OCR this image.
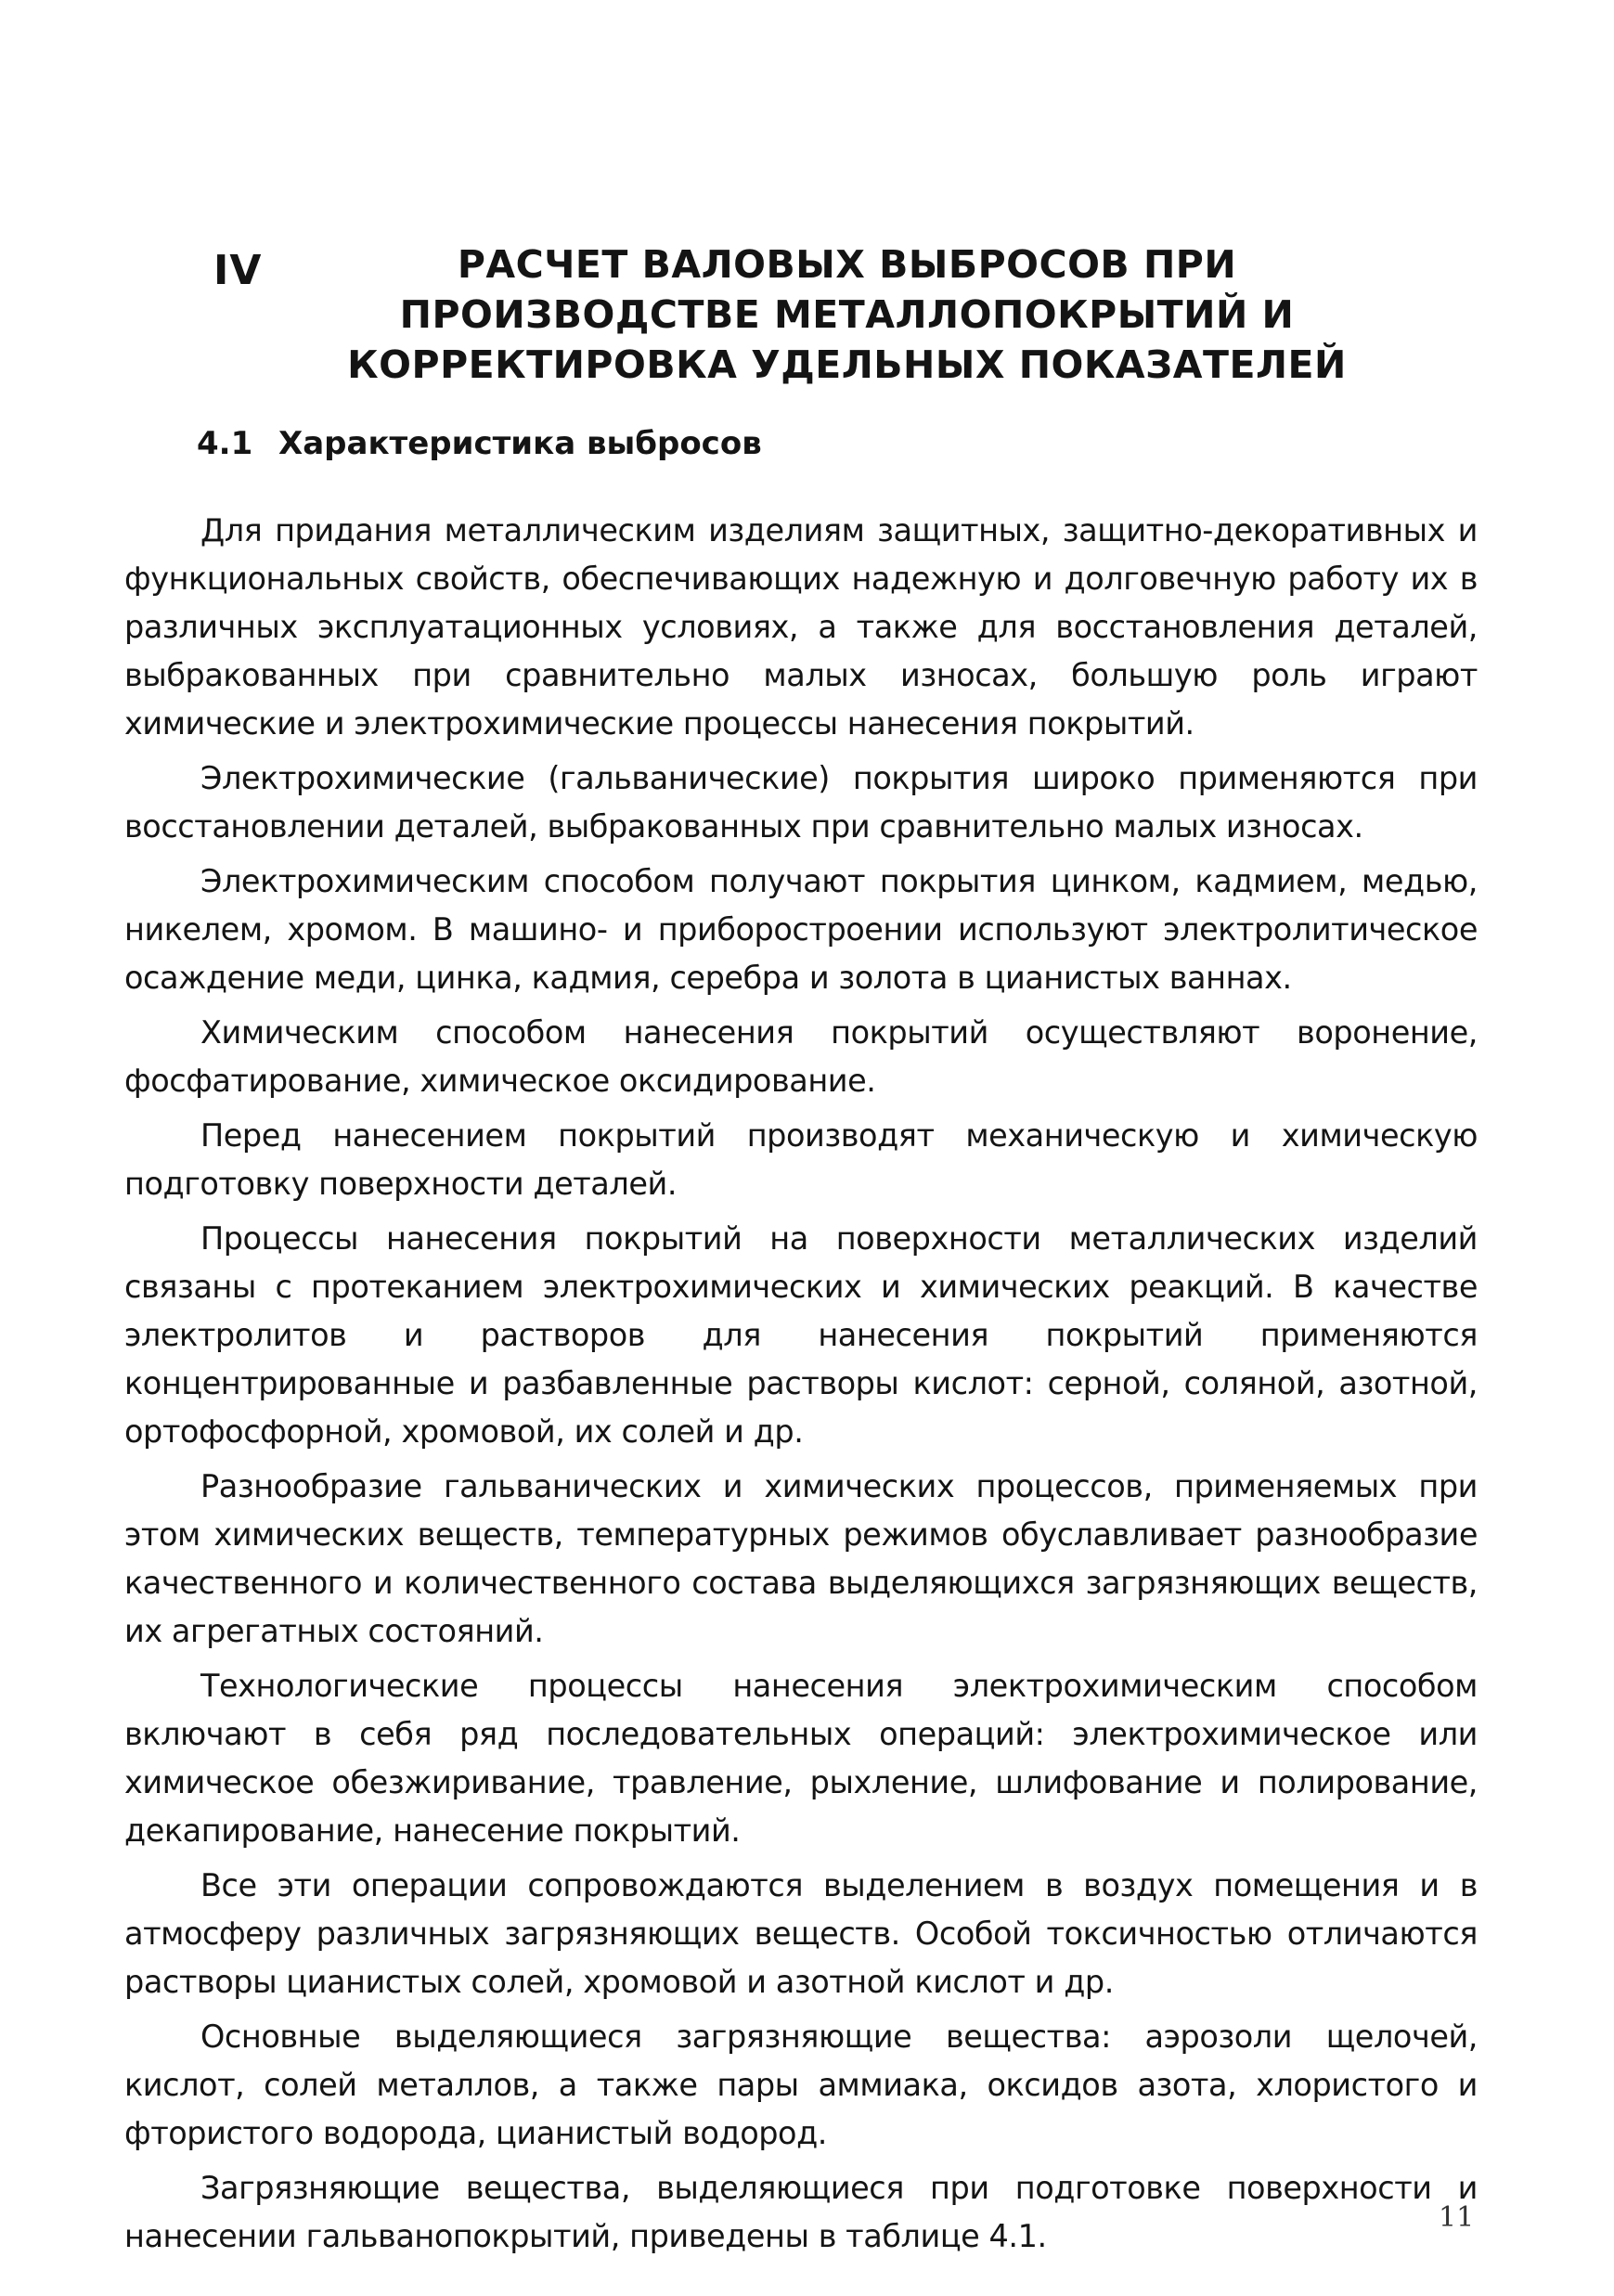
IV	РАСЧЕТ ВАЛОВЫХ ВЫБРОСОВ ПРИ ПРОИЗВОДСТВЕ МЕТАЛЛОПОКРЫТИЙ И КОРРЕКТИРОВКА УДЕЛЬНЫХ ПОКАЗАТЕЛЕЙ
4.1 Характеристика выбросов

Для придания металлическим изделиям защитных, защитно-декоративных и функциональных свойств, обеспечивающих надежную и долговечную работу их в различных эксплуатационных условиях, а также для восстановления деталей, выбракованных при сравнительно малых износах, большую роль играют химические и электрохимические процессы нанесения покрытий.

Электрохимические (гальванические) покрытия широко применяются при восстановлении деталей, выбракованных при сравнительно малых износах.

Электрохимическим способом получают покрытия цинком, кадмием, медью, никелем, хромом. В машино- и приборостроении используют электролитическое осаждение меди, цинка, кадмия, серебра и золота в цианистых ваннах.

Химическим способом нанесения покрытий осуществляют воронение, фосфатирование, химическое оксидирование.

Перед нанесением покрытий производят механическую и химическую подготовку поверхности деталей.

Процессы нанесения покрытий на поверхности металлических изделий связаны с протеканием электрохимических и химических реакций. В качестве электролитов и растворов для нанесения покрытий применяются концентрированные и разбавленные растворы кислот: серной, соляной, азотной, ортофосфорной, хромовой, их солей и др.

Разнообразие гальванических и химических процессов, применяемых при этом химических веществ, температурных режимов обуславливает разнообразие качественного и количественного состава выделяющихся загрязняющих веществ, их агрегатных состояний.

Технологические процессы нанесения электрохимическим способом включают в себя ряд последовательных операций: электрохимическое или химическое обезжиривание, травление, рыхление, шлифование и полирование, декапирование, нанесение покрытий.

Все эти операции сопровождаются выделением в воздух помещения и в атмосферу различных загрязняющих веществ. Особой токсичностью отличаются растворы цианистых солей, хромовой и азотной кислот и др.

Основные выделяющиеся загрязняющие вещества: аэрозоли щелочей, кислот, солей металлов, а также пары аммиака, оксидов азота, хлористого и фтористого водорода, цианистый водород.

Загрязняющие вещества, выделяющиеся при подготовке поверхности и нанесении гальванопокрытий, приведены в таблице 4.1.

11
